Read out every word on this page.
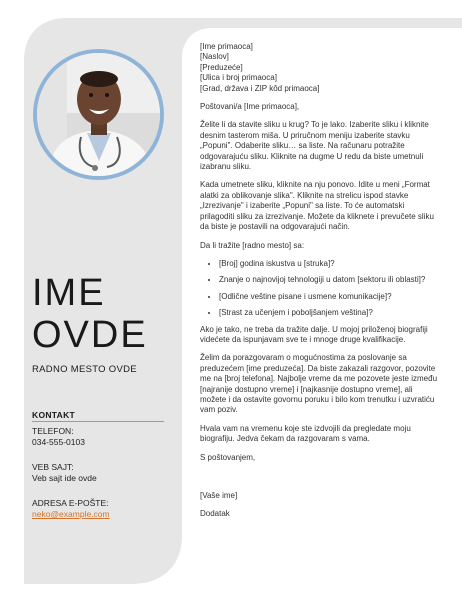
IME
OVDE
RADNO MESTO OVDE
KONTAKT
TELEFON:
034-555-0103
VEB SAJT:
Veb sajt ide ovde
ADRESA E-POŠTE:
neko@example.com
[Ime primaoca]
[Naslov]
[Preduzeće]
[Ulica i broj primaoca]
[Grad, država i ZIP kôd primaoca]

Poštovani/a [Ime primaoca],

Želite li da stavite sliku u krug? To je lako. Izaberite sliku i kliknite desnim tasterom miša. U priručnom meniju izaberite stavku „Popuni". Odaberite sliku… sa liste. Na računaru potražite odgovarajuću sliku. Kliknite na dugme U redu da biste umetnuli izabranu sliku.

Kada umetnete sliku, kliknite na nju ponovo. Idite u meni „Format alatki za oblikovanje slika". Kliknite na strelicu ispod stavke „Izrezivanje" i izaberite „Popuni" sa liste. To će automatski prilagoditi sliku za izrezivanje. Možete da kliknete i prevučete sliku da biste je postavili na odgovarajući način.

Da li tražite [radno mesto] sa:

• [Broj] godina iskustva u [struka]?
• Znanje o najnovijoj tehnologiji u datom [sektoru ili oblasti]?
• [Odlične veštine pisane i usmene komunikacije]?
• [Strast za učenjem i poboljšanjem veština]?

Ako je tako, ne treba da tražite dalje. U mojoj priloženoj biografiji videćete da ispunjavam sve te i mnoge druge kvalifikacije.

Želim da porazgovaram o mogućnostima za poslovanje sa preduzećem [ime preduzeća]. Da biste zakazali razgovor, pozovite me na [broj telefona]. Najbolje vreme da me pozovete jeste između [najranije dostupno vreme] i [najkasnije dostupno vreme], ali možete i da ostavite govornu poruku i bilo kom trenutku i uzvratiću vam poziv.

Hvala vam na vremenu koje ste izdvojili da pregledate moju biografiju. Jedva čekam da razgovaram s vama.

S poštovanjem,

[Vaše ime]

Dodatak
